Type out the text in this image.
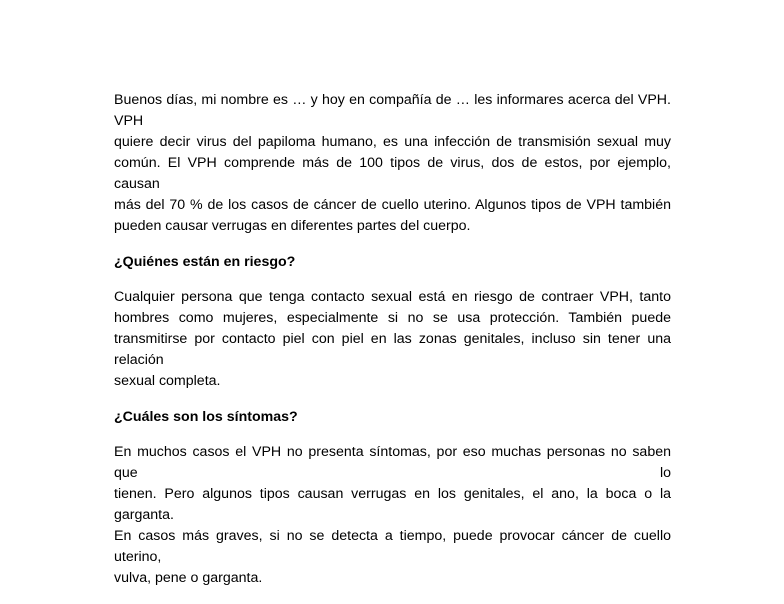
Buenos días, mi nombre es … y hoy en compañía de … les informares acerca del VPH. VPH
quiere decir virus del papiloma humano, es una infección de transmisión sexual muy
común. El VPH comprende más de 100 tipos de virus, dos de estos, por ejemplo, causan
más del 70 % de los casos de cáncer de cuello uterino. Algunos tipos de VPH también
pueden causar verrugas en diferentes partes del cuerpo.

¿Quiénes están en riesgo?

Cualquier persona que tenga contacto sexual está en riesgo de contraer VPH, tanto
hombres como mujeres, especialmente si no se usa protección. También puede
transmitirse por contacto piel con piel en las zonas genitales, incluso sin tener una relación
sexual completa.

¿Cuáles son los síntomas?

En muchos casos el VPH no presenta síntomas, por eso muchas personas no saben que lo
tienen. Pero algunos tipos causan verrugas en los genitales, el ano, la boca o la garganta.
En casos más graves, si no se detecta a tiempo, puede provocar cáncer de cuello uterino,
vulva, pene o garganta.
